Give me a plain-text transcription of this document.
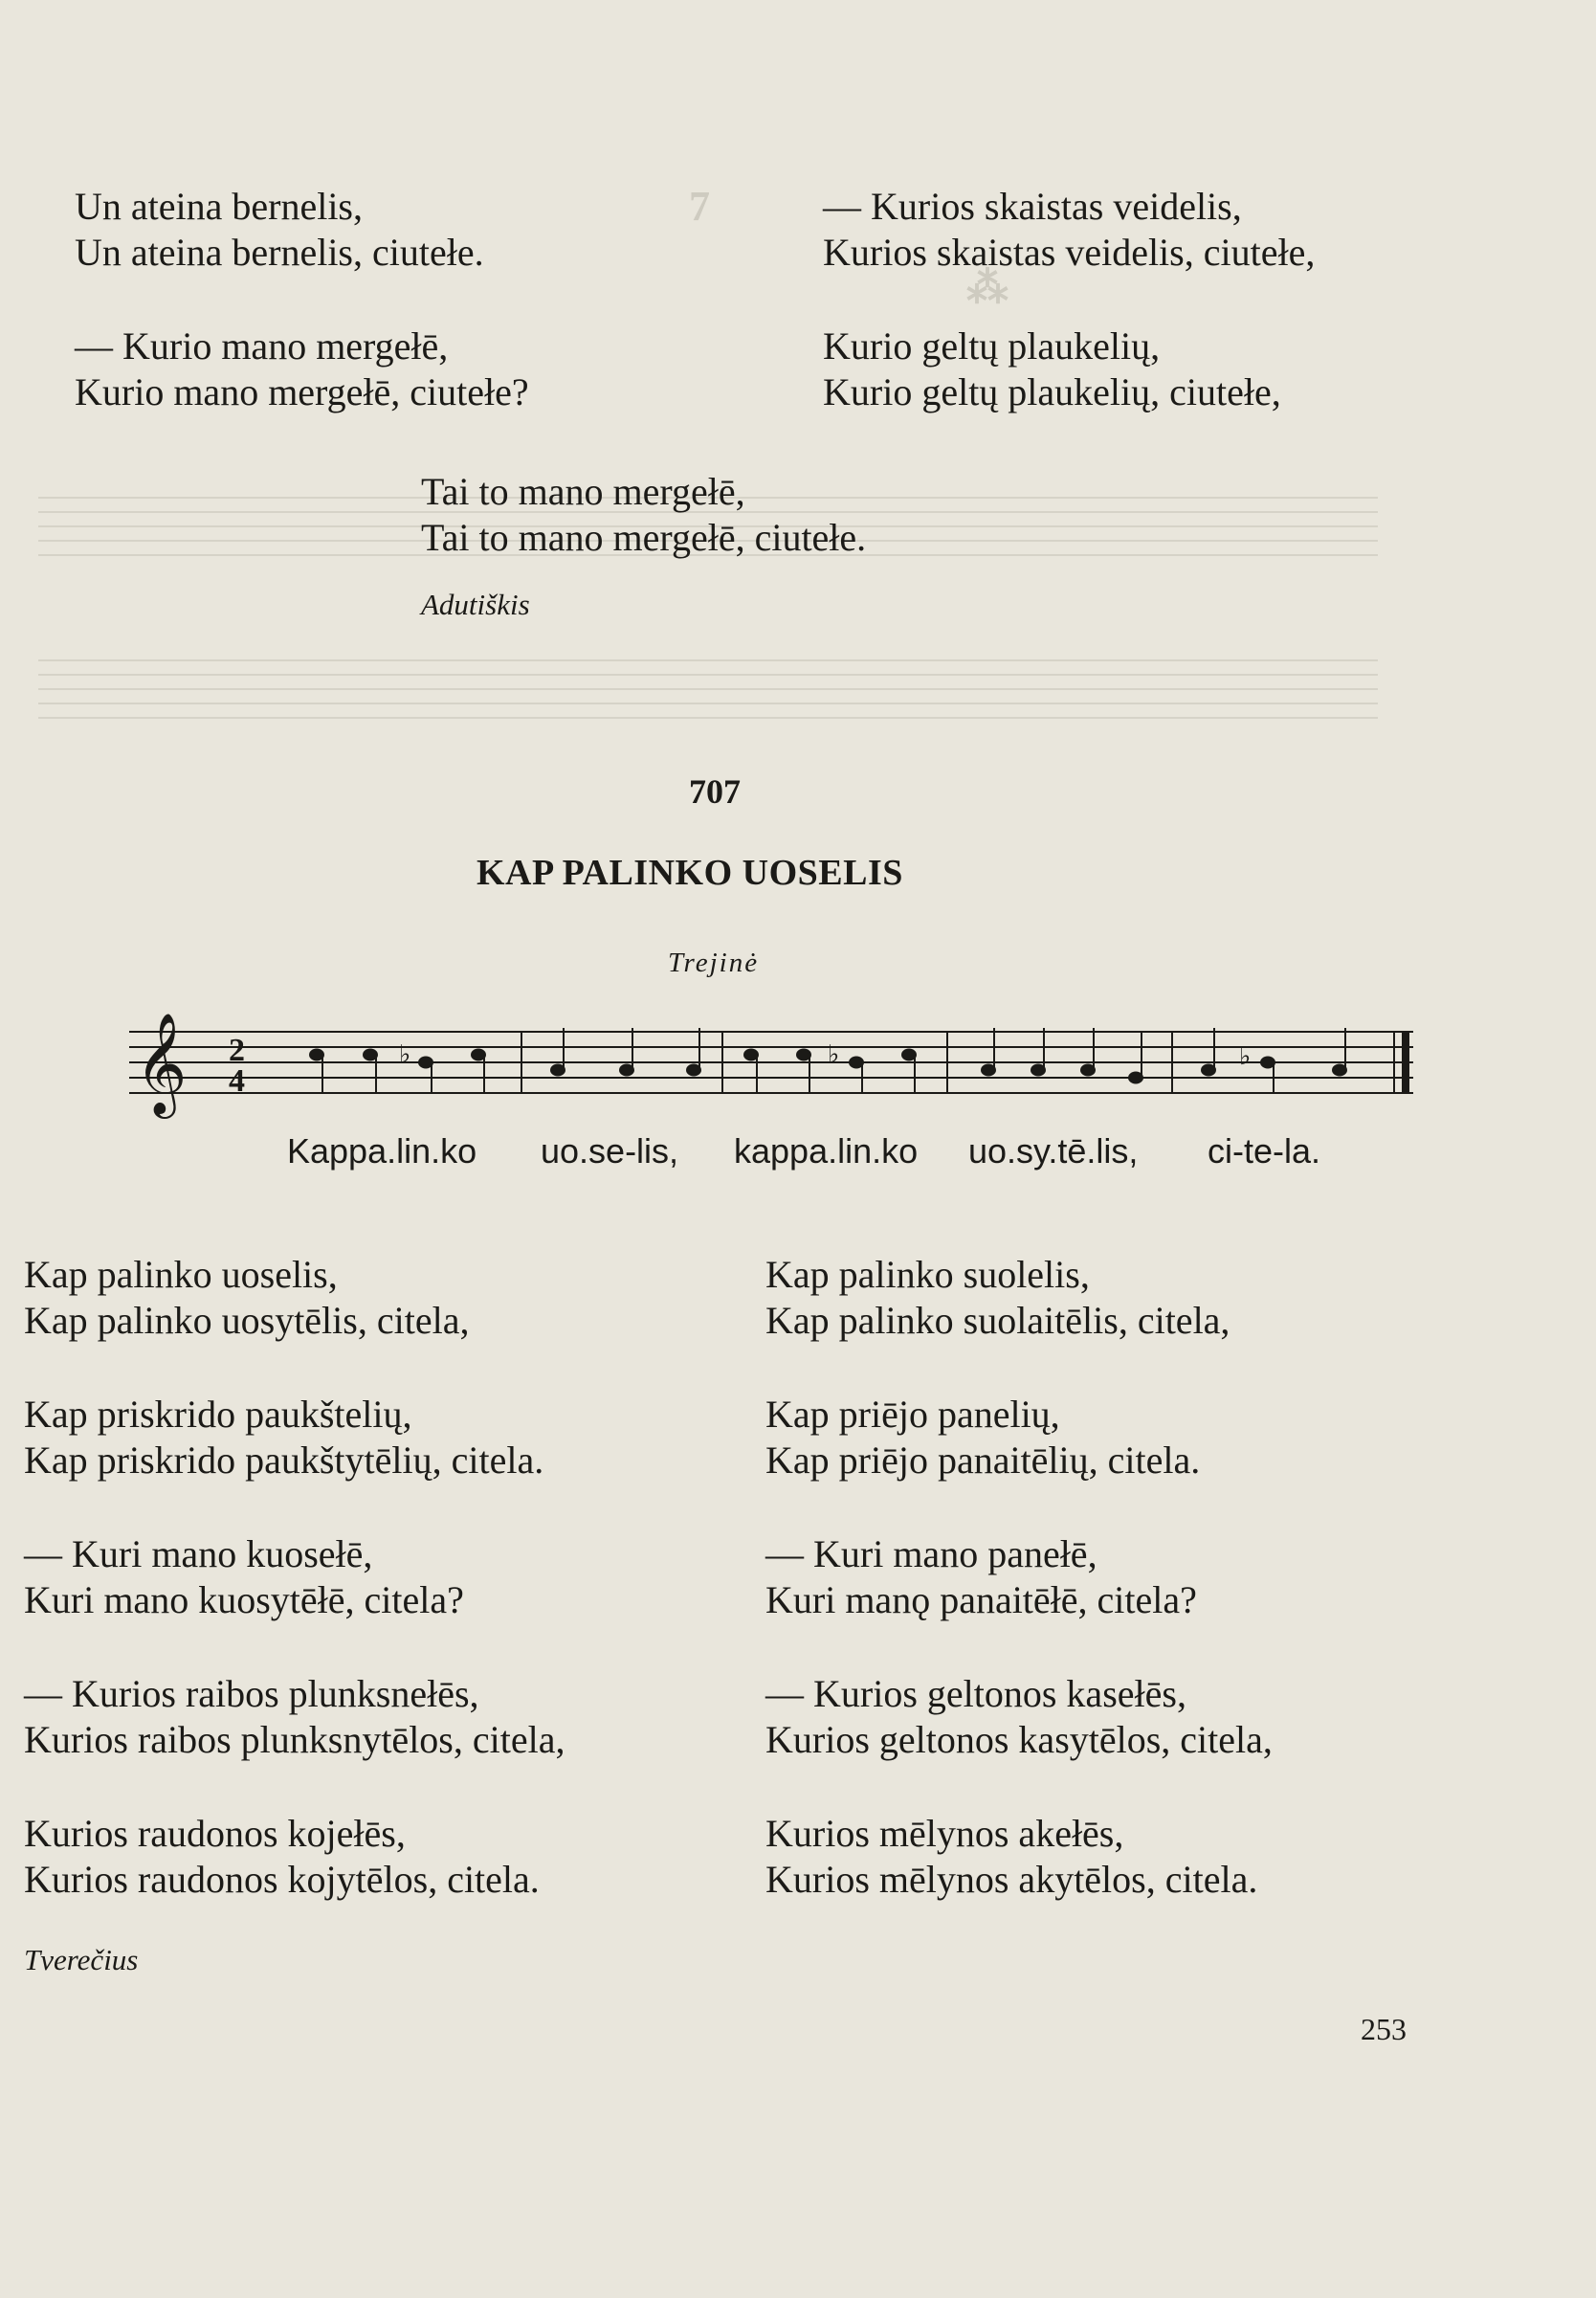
7
⁂
Un ateina bernelis,
Un ateina bernelis, ciutełe.
— Kurio mano mergełē,
Kurio mano mergełē, ciutełe?
— Kurios skaistas veidelis,
Kurios skaistas veidelis, ciutełe,
Kurio geltų plaukelių,
Kurio geltų plaukelių, ciutełe,
Tai to mano mergełē,
Tai to mano mergełē, ciutełe.
Adutiškis
707
KAP PALINKO UOSELIS
Trejinė
𝄞 2
4
♭	♭	♭
Kappa.lin.ko uo.se-lis, kappa.lin.ko uo.sy.tē.lis, ci-te-la.
Kap palinko uoselis,
Kap palinko uosytēlis, citela,
Kap priskrido paukštelių,
Kap priskrido paukštytēlių, citela.
— Kuri mano kuosełē,
Kuri mano kuosytēłē, citela?
— Kurios raibos plunksnełēs,
Kurios raibos plunksnytēlos, citela,
Kurios raudonos kojełēs,
Kurios raudonos kojytēlos, citela.
Kap palinko suolelis,
Kap palinko suolaitēlis, citela,
Kap priējo panelių,
Kap priējo panaitēlių, citela.
— Kuri mano panełē,
Kuri manǫ panaitēłē, citela?
— Kurios geltonos kasełēs,
Kurios geltonos kasytēlos, citela,
Kurios mēlynos akełēs,
Kurios mēlynos akytēlos, citela.
Tverečius
253
